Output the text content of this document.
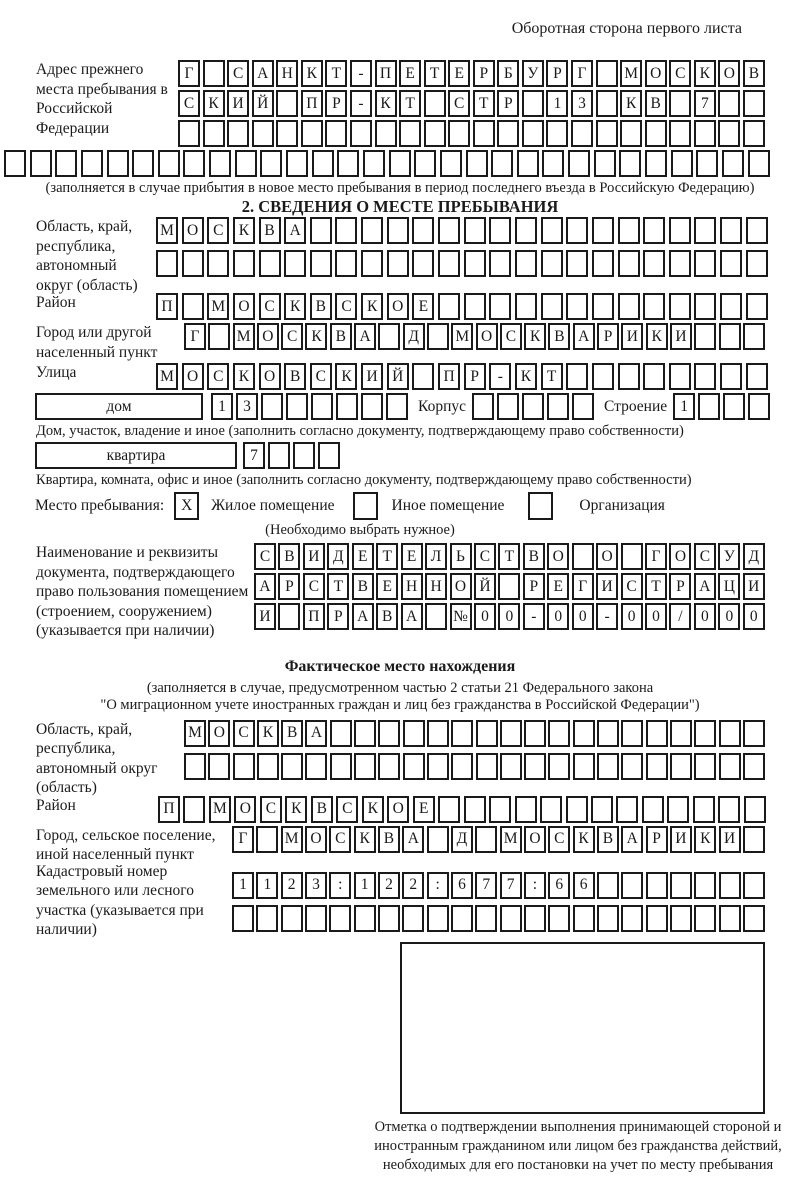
Оборотная сторона первого листа
Адрес прежнего места пребывания в Российской Федерации
Г	С А Н К Т	-	П Е Т Е	Р	Б У Р	Г	М О С К О В
С К И Й	П Р	-	К Т	С Т	Р	1	3	К В	7
(заполняется в случае прибытия в новое место пребывания в период последнего въезда в Российскую Федерацию)
2. СВЕДЕНИЯ О МЕСТЕ ПРЕБЫВАНИЯ
Область, край, республика, автономный округ (область)
М О С К В А
Район	П	М О С К В С К О Е
Город или другой населенный пункт
Г	М О С К В А	Д	М О С К В А Р И К И
Улица	М О С К О В С К И Й	П	Р	-	К	Т
дом	1	3	Корпус	Строение 1
Дом, участок, владение и иное (заполнить согласно документу, подтверждающему право собственности)
квартира	7
Квартира, комната, офис и иное (заполнить согласно документу, подтверждающему право собственности)
Место пребывания:	X	Жилое помещение	Иное помещение	Организация
(Необходимо выбрать нужное)
Наименование и реквизиты документа, подтверждающего право пользования помещением (строением, сооружением) (указывается при наличии)
С В И Д Е Т Е Л Ь С Т В О	О	Г О С У Д
А Р С Т В Е Н Н О Й	Р Е Г И С Т Р А Ц И
И	П Р А В А	№ 0	0	-	0	0	-	0	0	/	0	0	0
Фактическое место нахождения
(заполняется в случае, предусмотренном частью 2 статьи 21 Федерального закона
"О миграционном учете иностранных граждан и лиц без гражданства в Российской Федерации")
Область, край, республика, автономный округ (область)
М О С К В А
Район	П	М О С К В С К О Е
Город, сельское поселение, иной населенный пункт
Г	М О С К В А	Д	М О С К В А Р И К И
Кадастровый номер земельного или лесного участка (указывается при наличии)
1	1	2	3	:	1	2	2	:	6	7	7	:	6	6
Отметка о подтверждении выполнения принимающей стороной и иностранным гражданином или лицом без гражданства действий, необходимых для его постановки на учет по месту пребывания
